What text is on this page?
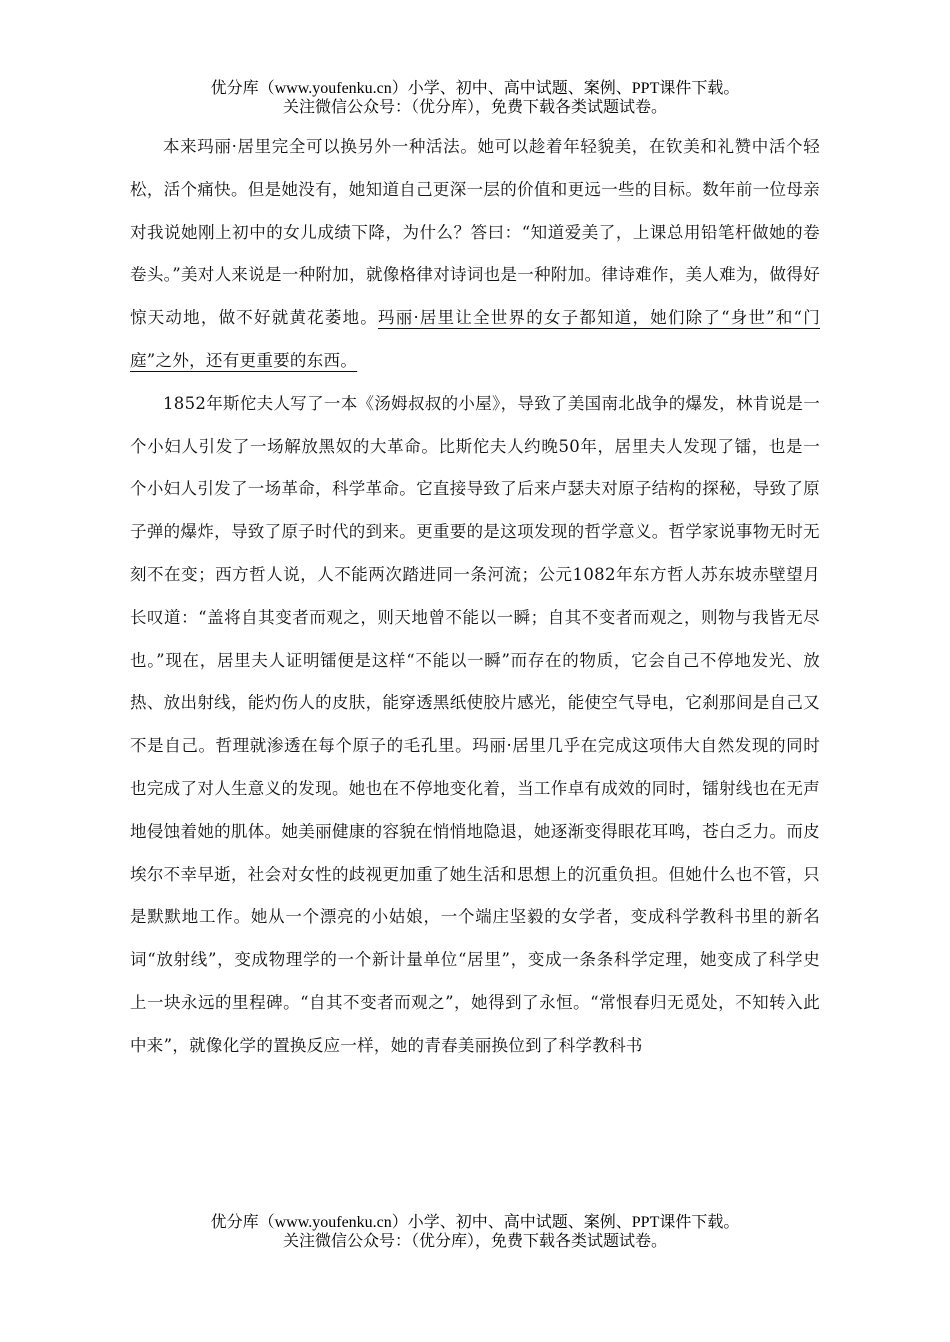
优分库（www.youfenku.cn）小学、初中、高中试题、案例、PPT课件下载。
关注微信公众号：（优分库），免费下载各类试题试卷。

本来玛丽·居里完全可以换另外一种活法。她可以趁着年轻貌美，在钦美和礼赞中活个轻松，活个痛快。但是她没有，她知道自己更深一层的价值和更远一些的目标。数年前一位母亲对我说她刚上初中的女儿成绩下降，为什么？答曰：“知道爱美了，上课总用铅笔杆做她的卷卷头。”美对人来说是一种附加，就像格律对诗词也是一种附加。律诗难作，美人难为，做得好惊天动地，做不好就黄花萎地。玛丽·居里让全世界的女子都知道，她们除了“身世”和“门庭”之外，还有更重要的东西。

1852年斯佗夫人写了一本《汤姆叔叔的小屋》，导致了美国南北战争的爆发，林肯说是一个小妇人引发了一场解放黑奴的大革命。比斯佗夫人约晚50年，居里夫人发现了镭，也是一个小妇人引发了一场革命，科学革命。它直接导致了后来卢瑟夫对原子结构的探秘，导致了原子弹的爆炸，导致了原子时代的到来。更重要的是这项发现的哲学意义。哲学家说事物无时无刻不在变；西方哲人说，人不能两次踏进同一条河流；公元1082年东方哲人苏东坡赤壁望月长叹道：“盖将自其变者而观之，则天地曾不能以一瞬；自其不变者而观之，则物与我皆无尽也。”现在，居里夫人证明镭便是这样“不能以一瞬”而存在的物质，它会自己不停地发光、放热、放出射线，能灼伤人的皮肤，能穿透黑纸使胶片感光，能使空气导电，它刹那间是自己又不是自己。哲理就渗透在每个原子的毛孔里。玛丽·居里几乎在完成这项伟大自然发现的同时也完成了对人生意义的发现。她也在不停地变化着，当工作卓有成效的同时，镭射线也在无声地侵蚀着她的肌体。她美丽健康的容貌在悄悄地隐退，她逐渐变得眼花耳鸣，苍白乏力。而皮埃尔不幸早逝，社会对女性的歧视更加重了她生活和思想上的沉重负担。但她什么也不管，只是默默地工作。她从一个漂亮的小姑娘，一个端庄坚毅的女学者，变成科学教科书里的新名词“放射线”，变成物理学的一个新计量单位“居里”，变成一条条科学定理，她变成了科学史上一块永远的里程碑。“自其不变者而观之”，她得到了永恒。“常恨春归无觅处，不知转入此中来”，就像化学的置换反应一样，她的青春美丽换位到了科学教科书

优分库（www.youfenku.cn）小学、初中、高中试题、案例、PPT课件下载。
关注微信公众号：（优分库），免费下载各类试题试卷。
